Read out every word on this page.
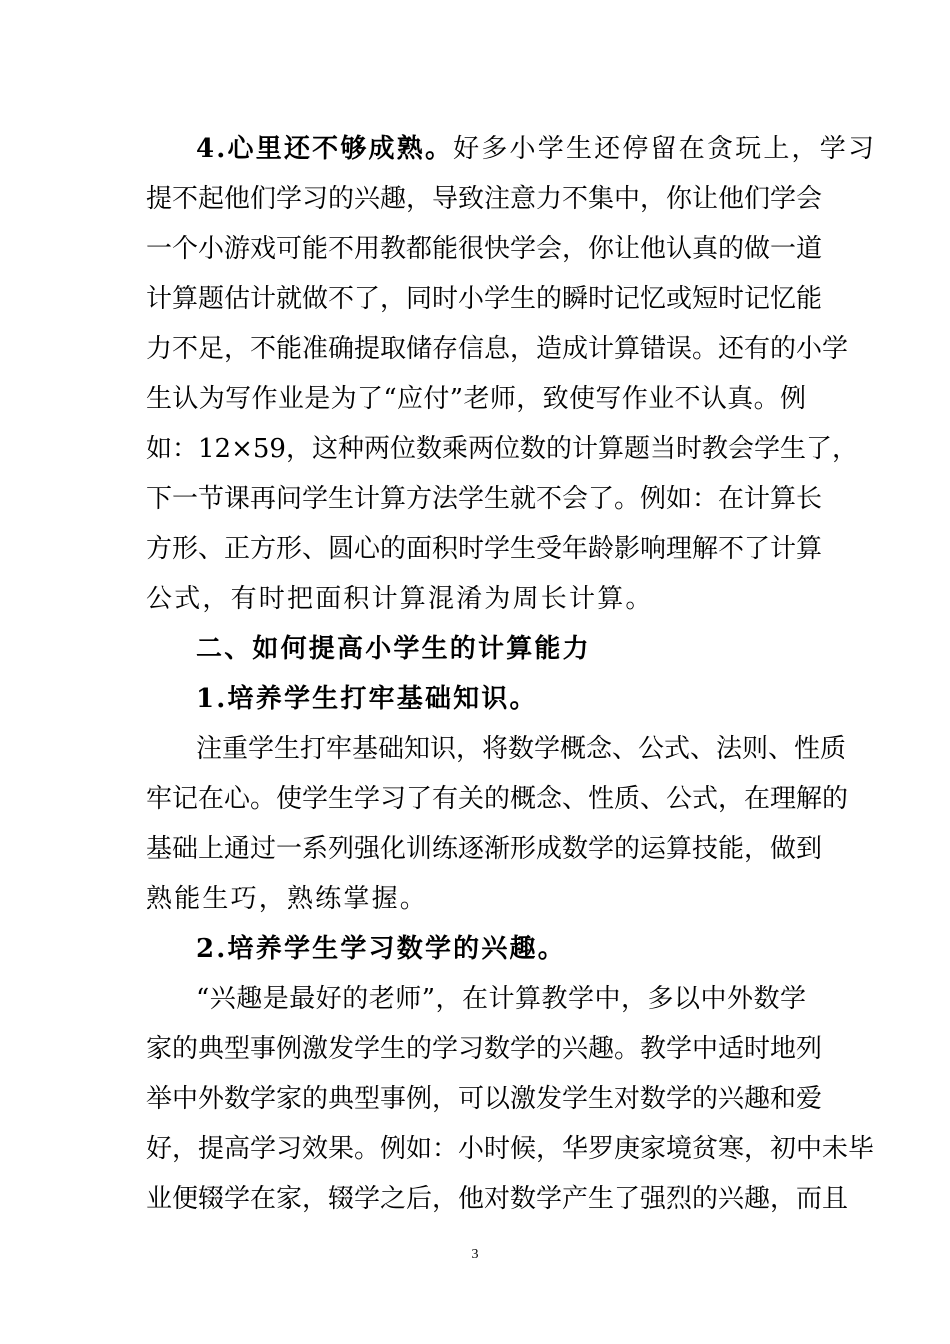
4.心里还不够成熟。好多小学生还停留在贪玩上，学习
提不起他们学习的兴趣，导致注意力不集中，你让他们学会
一个小游戏可能不用教都能很快学会，你让他认真的做一道
计算题估计就做不了，同时小学生的瞬时记忆或短时记忆能
力不足，不能准确提取储存信息，造成计算错误。还有的小学
生认为写作业是为了“应付”老师，致使写作业不认真。例
如：12×59，这种两位数乘两位数的计算题当时教会学生了，
下一节课再问学生计算方法学生就不会了。例如：在计算长
方形、正方形、圆心的面积时学生受年龄影响理解不了计算
公式，有时把面积计算混淆为周长计算。
二、如何提高小学生的计算能力
1.培养学生打牢基础知识。
注重学生打牢基础知识，将数学概念、公式、法则、性质
牢记在心。使学生学习了有关的概念、性质、公式，在理解的
基础上通过一系列强化训练逐渐形成数学的运算技能，做到
熟能生巧，熟练掌握。
2.培养学生学习数学的兴趣。
“兴趣是最好的老师”，在计算教学中，多以中外数学
家的典型事例激发学生的学习数学的兴趣。教学中适时地列
举中外数学家的典型事例，可以激发学生对数学的兴趣和爱
好，提高学习效果。例如：小时候，华罗庚家境贫寒，初中未毕
业便辍学在家，辍学之后，他对数学产生了强烈的兴趣，而且
3
